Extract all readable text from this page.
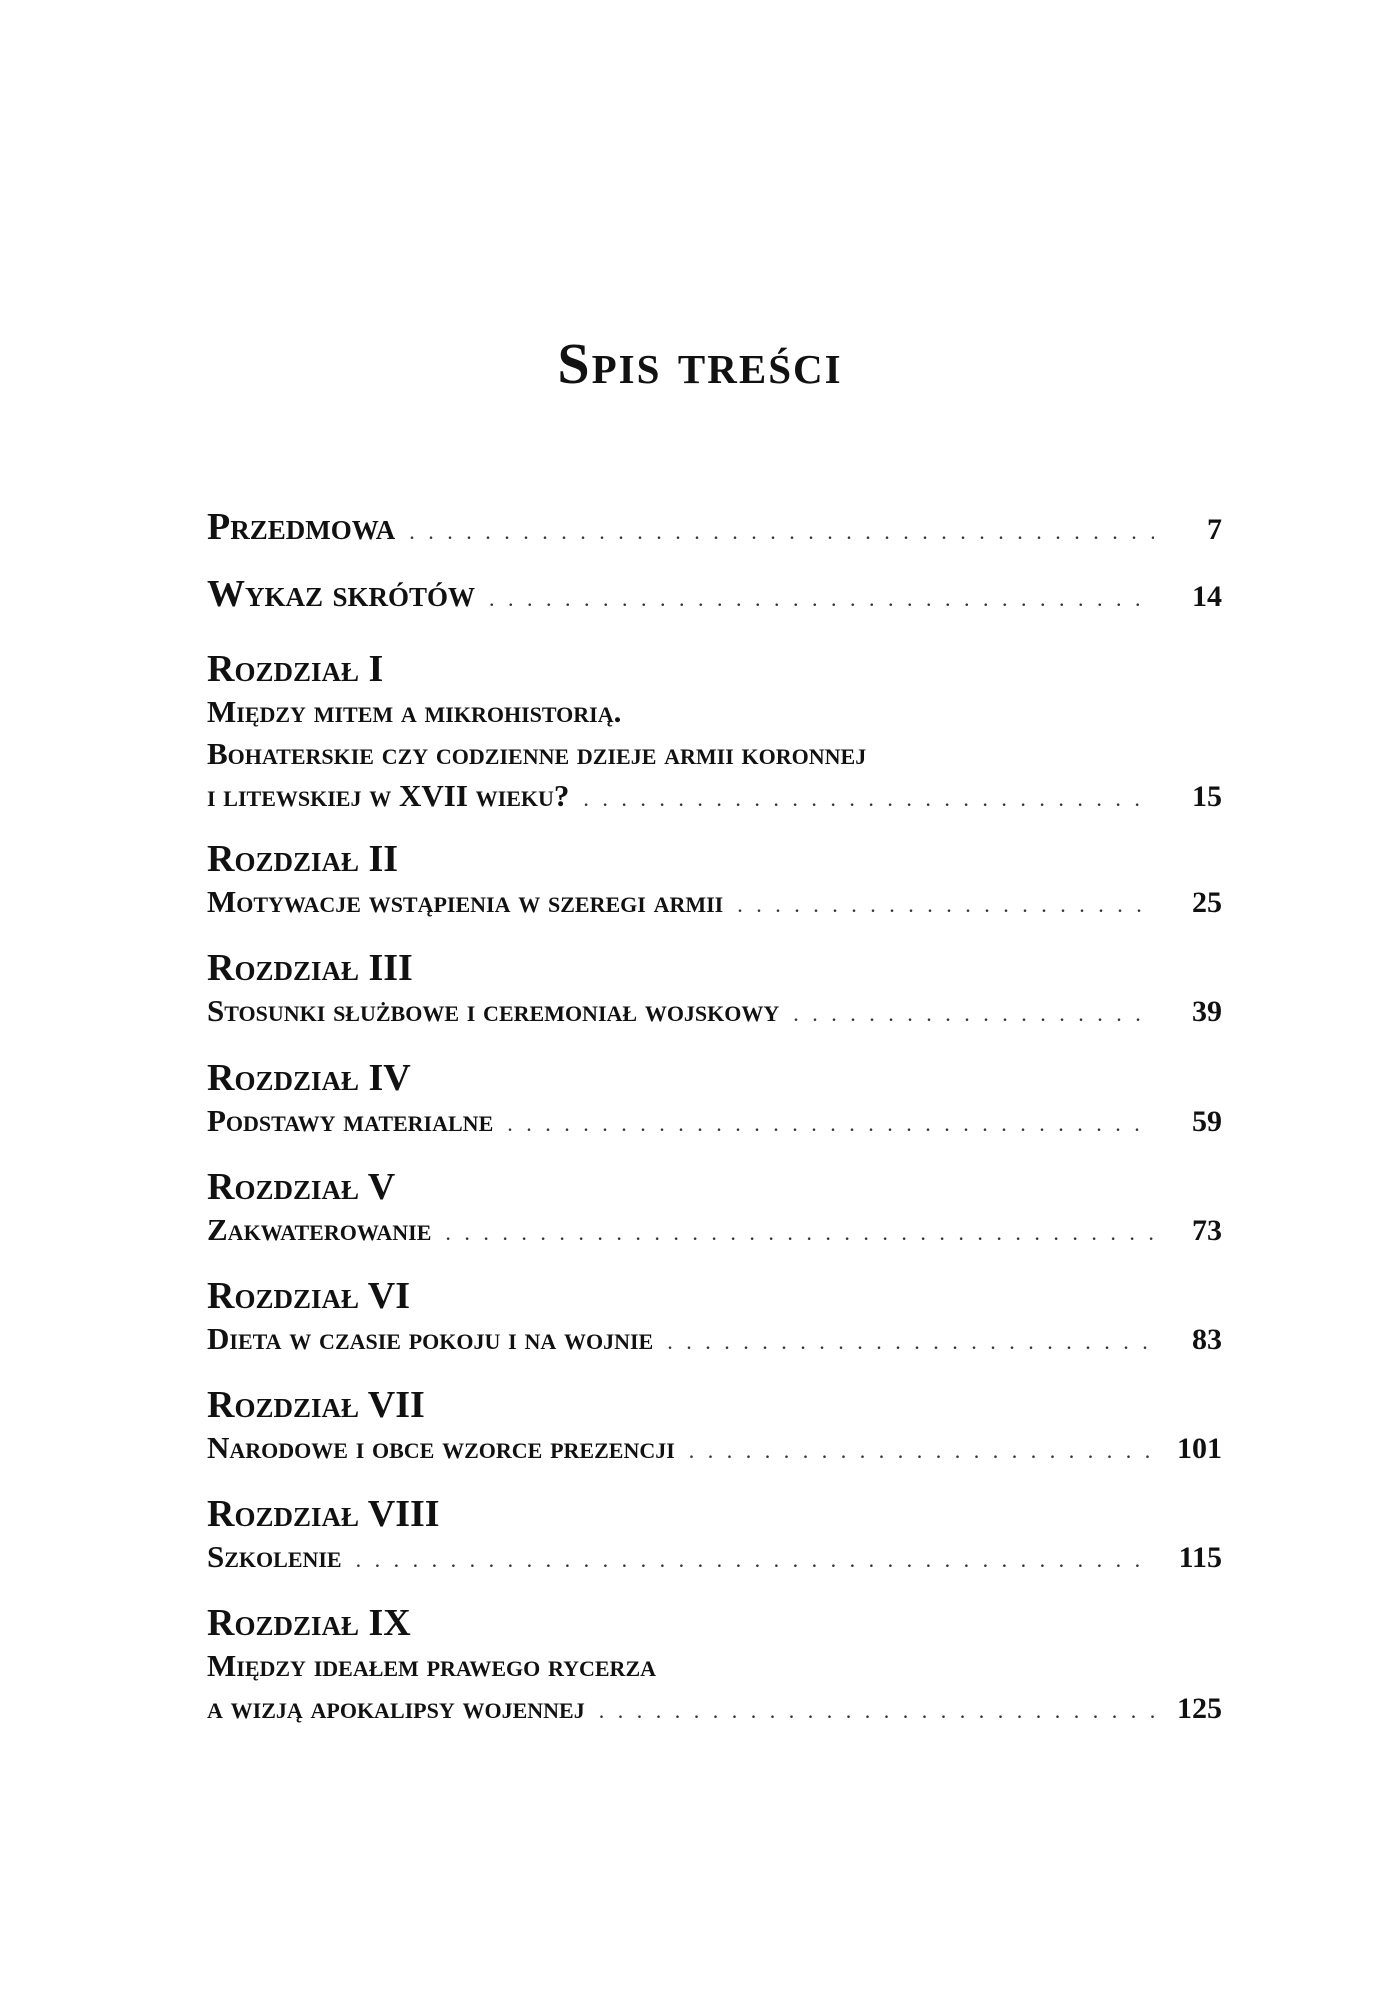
Spis treści
Przedmowa . . .	7
Wykaz skrótów . . .	14
Rozdział I
Między mitem a mikrohistorią.
Bohaterskie czy codzienne dzieje armii koronnej
i litewskiej w XVII wieku? . . .	15
Rozdział II
Motywacje wstąpienia w szeregi armii . . .	25
Rozdział III
Stosunki służbowe i ceremoniał wojskowy . . .	39
Rozdział IV
Podstawy materialne . . .	59
Rozdział V
Zakwaterowanie . . .	73
Rozdział VI
Dieta w czasie pokoju i na wojnie . . .	83
Rozdział VII
Narodowe i obce wzorce prezencji . . .	101
Rozdział VIII
Szkolenie . . .	115
Rozdział IX
Między ideałem prawego rycerza
a wizją apokalipsy wojennej . . .	125
